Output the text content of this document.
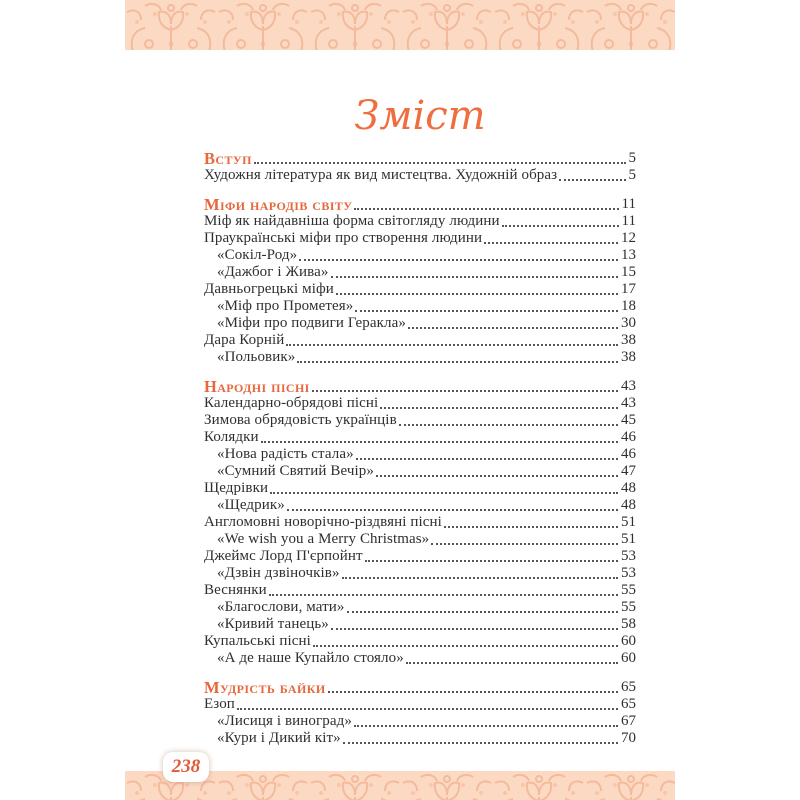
Зміст
Вступ	5
Художня література як вид мистецтва. Художній образ	5
Міфи народів світу	11
Міф як найдавніша форма світогляду людини	11
Праукраїнські міфи про створення людини	12
«Сокіл-Род»	13
«Дажбог і Жива»	15
Давньогрецькі міфи	17
«Міф про Прометея»	18
«Міфи про подвиги Геракла»	30
Дара Корній	38
«Польовик»	38
Народні пісні	43
Календарно-обрядові пісні	43
Зимова обрядовість українців	45
Колядки	46
«Нова радість стала»	46
«Сумний Святий Вечір»	47
Щедрівки	48
«Щедрик»	48
Англомовні новорічно-різдвяні пісні	51
«We wish you a Merry Christmas»	51
Джеймс Лорд П'єрпойнт	53
«Дзвін дзвіночків»	53
Веснянки	55
«Благослови, мати»	55
«Кривий танець»	58
Купальські пісні	60
«А де наше Купайло стояло»	60
Мудрість байки	65
Езоп	65
«Лисиця і виноград»	67
«Кури і Дикий кіт»	70
238
